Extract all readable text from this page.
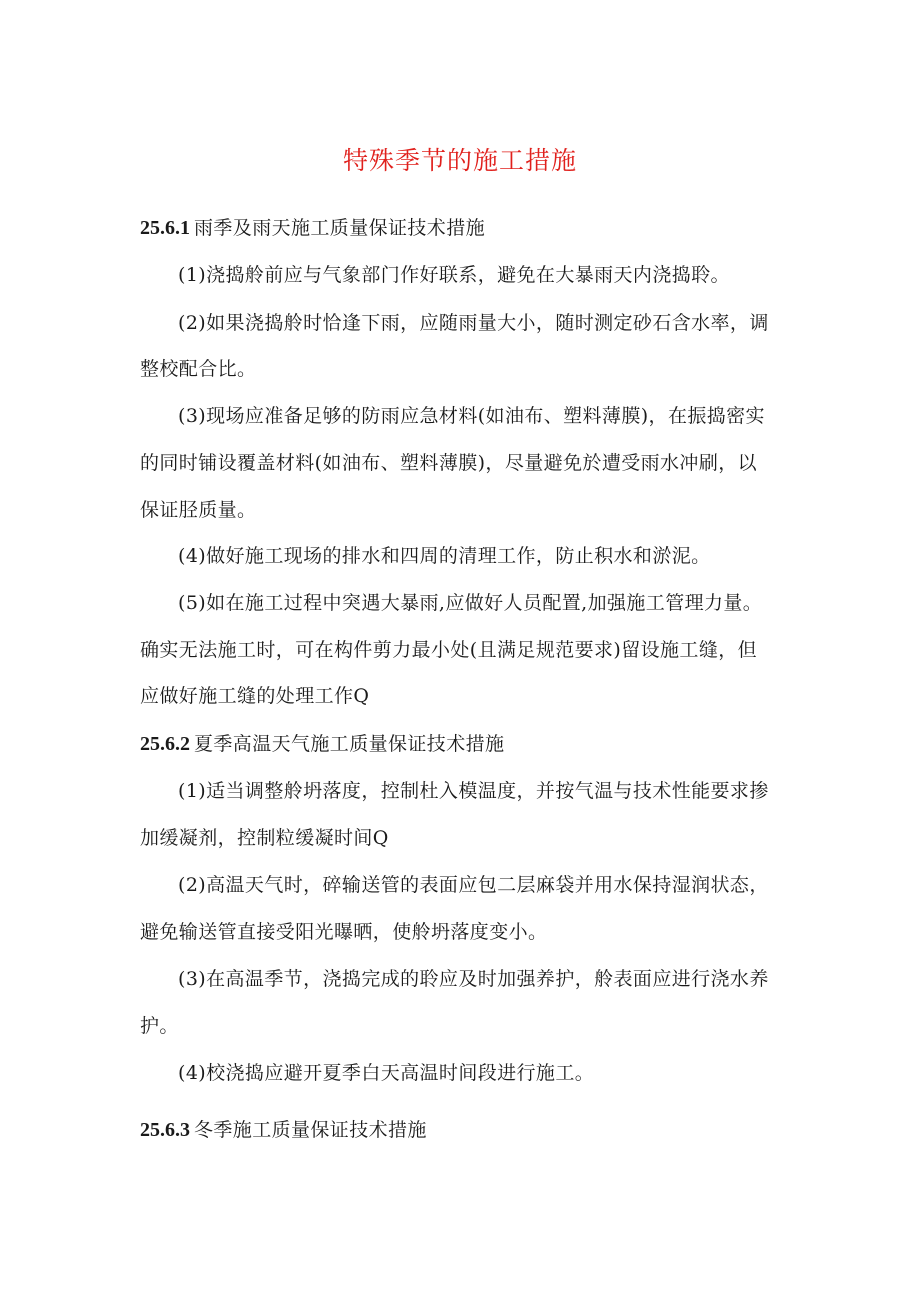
特殊季节的施工措施
25.6.1 雨季及雨天施工质量保证技术措施
(1)浇捣舲前应与气象部门作好联系，避免在大暴雨天内浇捣聆。
(2)如果浇捣舲时恰逢下雨，应随雨量大小，随时测定砂石含水率，调
整校配合比。
(3)现场应准备足够的防雨应急材料(如油布、塑料薄膜)，在振捣密实
的同时铺设覆盖材料(如油布、塑料薄膜)，尽量避免於遭受雨水冲刷，以
保证胫质量。
(4)做好施工现场的排水和四周的清理工作，防止积水和淤泥。
(5)如在施工过程中突遇大暴雨,应做好人员配置,加强施工管理力量。
确实无法施工时，可在构件剪力最小处(且满足规范要求)留设施工缝，但
应做好施工缝的处理工作Q
25.6.2 夏季高温天气施工质量保证技术措施
(1)适当调整舲坍落度，控制杜入模温度，并按气温与技术性能要求掺
加缓凝剂，控制粒缓凝时间Q
(2)高温天气时，碎输送管的表面应包二层麻袋并用水保持湿润状态，
避免输送管直接受阳光曝晒，使舲坍落度变小。
(3)在高温季节，浇捣完成的聆应及时加强养护，舲表面应进行浇水养
护。
(4)校浇捣应避开夏季白天高温时间段进行施工。
25.6.3 冬季施工质量保证技术措施
